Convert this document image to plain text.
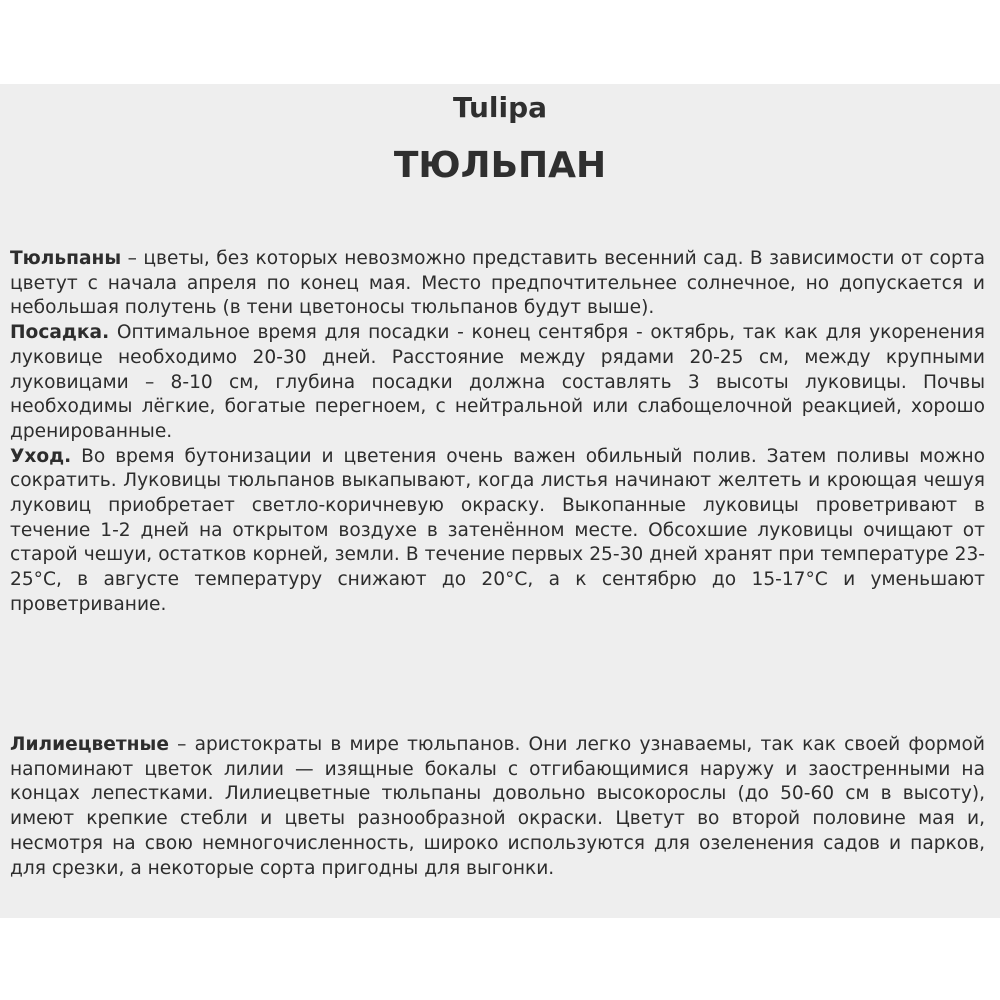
Tulipa
ТЮЛЬПАН

Тюльпаны – цветы, без которых невозможно представить весенний сад. В зависимости от сорта цветут с начала апреля по конец мая. Место предпочтительнее солнечное, но допускается и небольшая полутень (в тени цветоносы тюльпанов будут выше).

Посадка. Оптимальное время для посадки - конец сентября - октябрь, так как для укоренения луковице необходимо 20-30 дней. Расстояние между рядами 20-25 см, между крупными луковицами – 8-10 см, глубина посадки должна составлять 3 высоты луковицы. Почвы необходимы лёгкие, богатые перегноем, с нейтральной или слабощелочной реакцией, хорошо дренированные.

Уход. Во время бутонизации и цветения очень важен обильный полив. Затем поливы можно сократить. Луковицы тюльпанов выкапывают, когда листья начинают желтеть и кроющая чешуя луковиц приобретает светло-коричневую окраску. Выкопанные луковицы проветривают в течение 1-2 дней на открытом воздухе в затенённом месте. Обсохшие луковицы очищают от старой чешуи, остатков корней, земли. В течение первых 25-30 дней хранят при температуре 23-25°С, в августе температуру снижают до 20°С, а к сентябрю до 15-17°С и уменьшают проветривание.

Лилиецветные – аристократы в мире тюльпанов. Они легко узнаваемы, так как своей формой напоминают цветок лилии — изящные бокалы с отгибающимися наружу и заостренными на концах лепестками. Лилиецветные тюльпаны довольно высокорослы (до 50-60 см в высоту), имеют крепкие стебли и цветы разнообразной окраски. Цветут во второй половине мая и, несмотря на свою немногочисленность, широко используются для озеленения садов и парков, для срезки, а некоторые сорта пригодны для выгонки.
